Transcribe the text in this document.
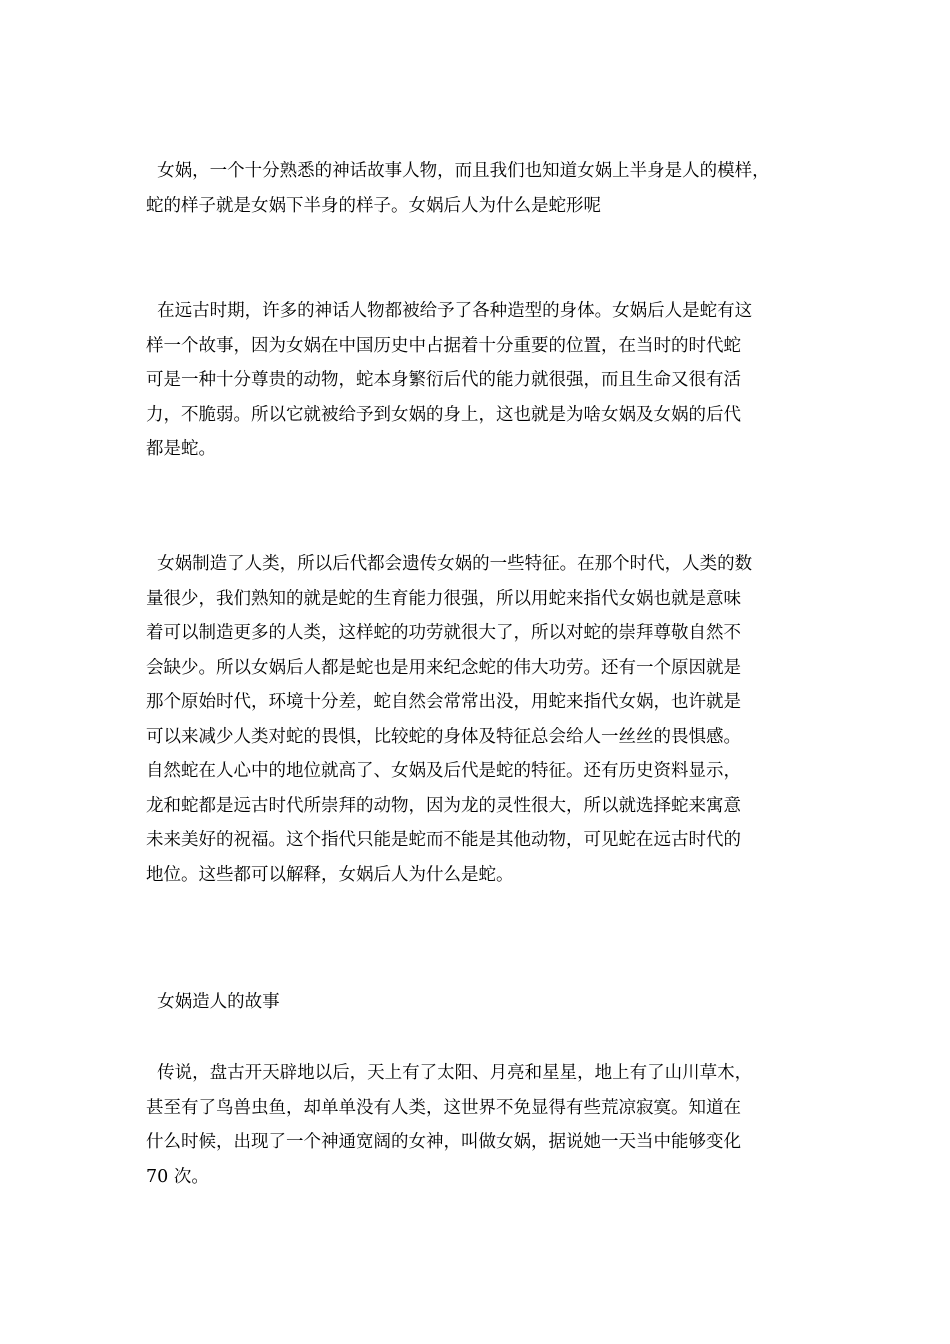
女娲，一个十分熟悉的神话故事人物，而且我们也知道女娲上半身是人的模样，
蛇的样子就是女娲下半身的样子。女娲后人为什么是蛇形呢

在远古时期，许多的神话人物都被给予了各种造型的身体。女娲后人是蛇有这
样一个故事，因为女娲在中国历史中占据着十分重要的位置，在当时的时代蛇
可是一种十分尊贵的动物，蛇本身繁衍后代的能力就很强，而且生命又很有活
力，不脆弱。所以它就被给予到女娲的身上，这也就是为啥女娲及女娲的后代
都是蛇。

女娲制造了人类，所以后代都会遗传女娲的一些特征。在那个时代，人类的数
量很少，我们熟知的就是蛇的生育能力很强，所以用蛇来指代女娲也就是意味
着可以制造更多的人类，这样蛇的功劳就很大了，所以对蛇的崇拜尊敬自然不
会缺少。所以女娲后人都是蛇也是用来纪念蛇的伟大功劳。还有一个原因就是
那个原始时代，环境十分差，蛇自然会常常出没，用蛇来指代女娲，也许就是
可以来减少人类对蛇的畏惧，比较蛇的身体及特征总会给人一丝丝的畏惧感。
自然蛇在人心中的地位就高了、女娲及后代是蛇的特征。还有历史资料显示，
龙和蛇都是远古时代所崇拜的动物，因为龙的灵性很大，所以就选择蛇来寓意
未来美好的祝福。这个指代只能是蛇而不能是其他动物，可见蛇在远古时代的
地位。这些都可以解释，女娲后人为什么是蛇。

女娲造人的故事

传说，盘古开天辟地以后，天上有了太阳、月亮和星星，地上有了山川草木，
甚至有了鸟兽虫鱼，却单单没有人类，这世界不免显得有些荒凉寂寞。知道在
什么时候，出现了一个神通宽阔的女神，叫做女娲，据说她一天当中能够变化
70 次。
